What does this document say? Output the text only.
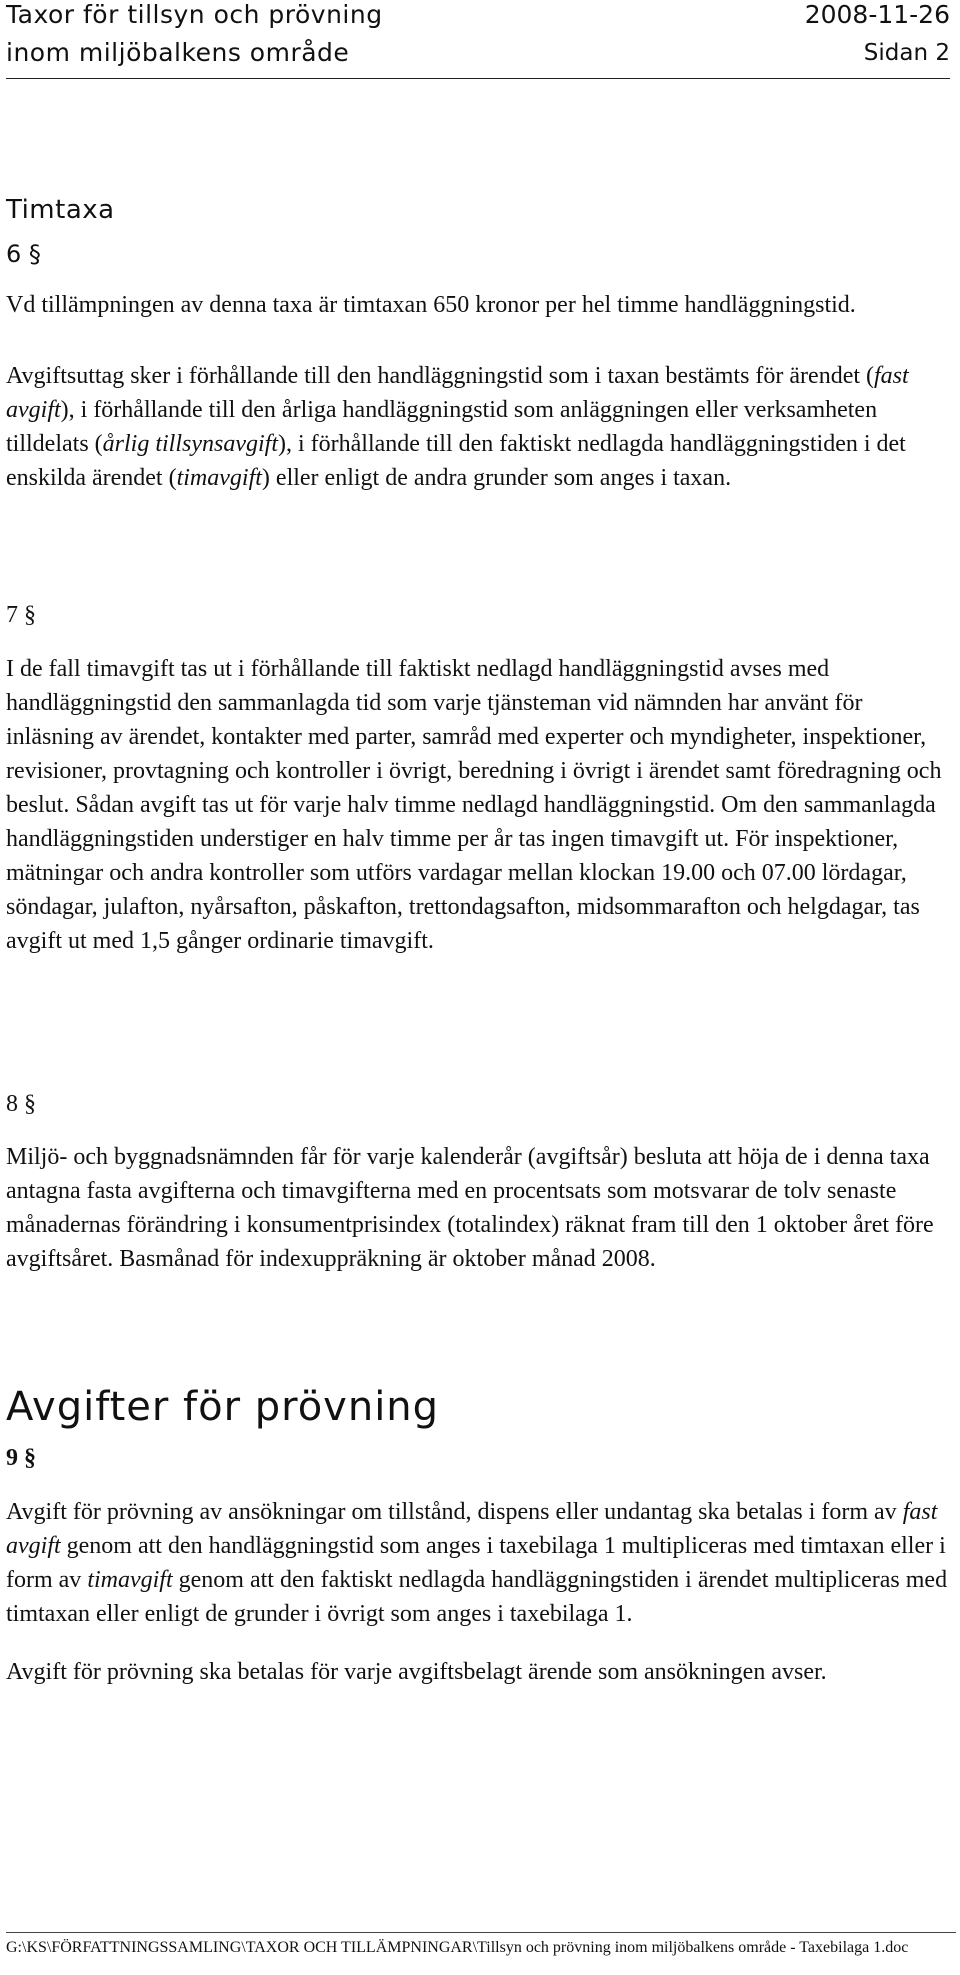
Taxor för tillsyn och prövning
inom miljöbalkens område
2008-11-26
Sidan 2
Timtaxa
6 §
Vd tillämpningen av denna taxa är timtaxan 650 kronor per hel timme handläggningstid.
Avgiftsuttag sker i förhållande till den handläggningstid som i taxan bestämts för ärendet (fast avgift), i förhållande till den årliga handläggningstid som anläggningen eller verksamheten tilldelats (årlig tillsynsavgift), i förhållande till den faktiskt nedlagda handläggningstiden i det enskilda ärendet (timavgift) eller enligt de andra grunder som anges i taxan.
7 §
I de fall timavgift tas ut i förhållande till faktiskt nedlagd handläggningstid avses med handläggningstid den sammanlagda tid som varje tjänsteman vid nämnden har använt för inläsning av ärendet, kontakter med parter, samråd med experter och myndigheter, inspektioner, revisioner, provtagning och kontroller i övrigt, beredning i övrigt i ärendet samt föredragning och beslut. Sådan avgift tas ut för varje halv timme nedlagd handläggningstid. Om den sammanlagda handläggningstiden understiger en halv timme per år tas ingen timavgift ut. För inspektioner, mätningar och andra kontroller som utförs vardagar mellan klockan 19.00 och 07.00 lördagar, söndagar, julafton, nyårsafton, påskafton, trettondagsafton, midsommarafton och helgdagar, tas avgift ut med 1,5 gånger ordinarie timavgift.
8 §
Miljö- och byggnadsnämnden får för varje kalenderår (avgiftsår) besluta att höja de i denna taxa antagna fasta avgifterna och timavgifterna med en procentsats som motsvarar de tolv senaste månadernas förändring i konsumentprisindex (totalindex) räknat fram till den 1 oktober året före avgiftsåret. Basmånad för indexuppräkning är oktober månad 2008.
Avgifter för prövning
9 §
Avgift för prövning av ansökningar om tillstånd, dispens eller undantag ska betalas i form av fast avgift genom att den handläggningstid som anges i taxebilaga 1 multipliceras med timtaxan eller i form av timavgift genom att den faktiskt nedlagda handläggningstiden i ärendet multipliceras med timtaxan eller enligt de grunder i övrigt som anges i taxebilaga 1.
Avgift för prövning ska betalas för varje avgiftsbelagt ärende som ansökningen avser.
G:\KS\FÖRFATTNINGSSAMLING\TAXOR OCH TILLÄMPNINGAR\Tillsyn och prövning inom miljöbalkens område - Taxebilaga 1.doc
